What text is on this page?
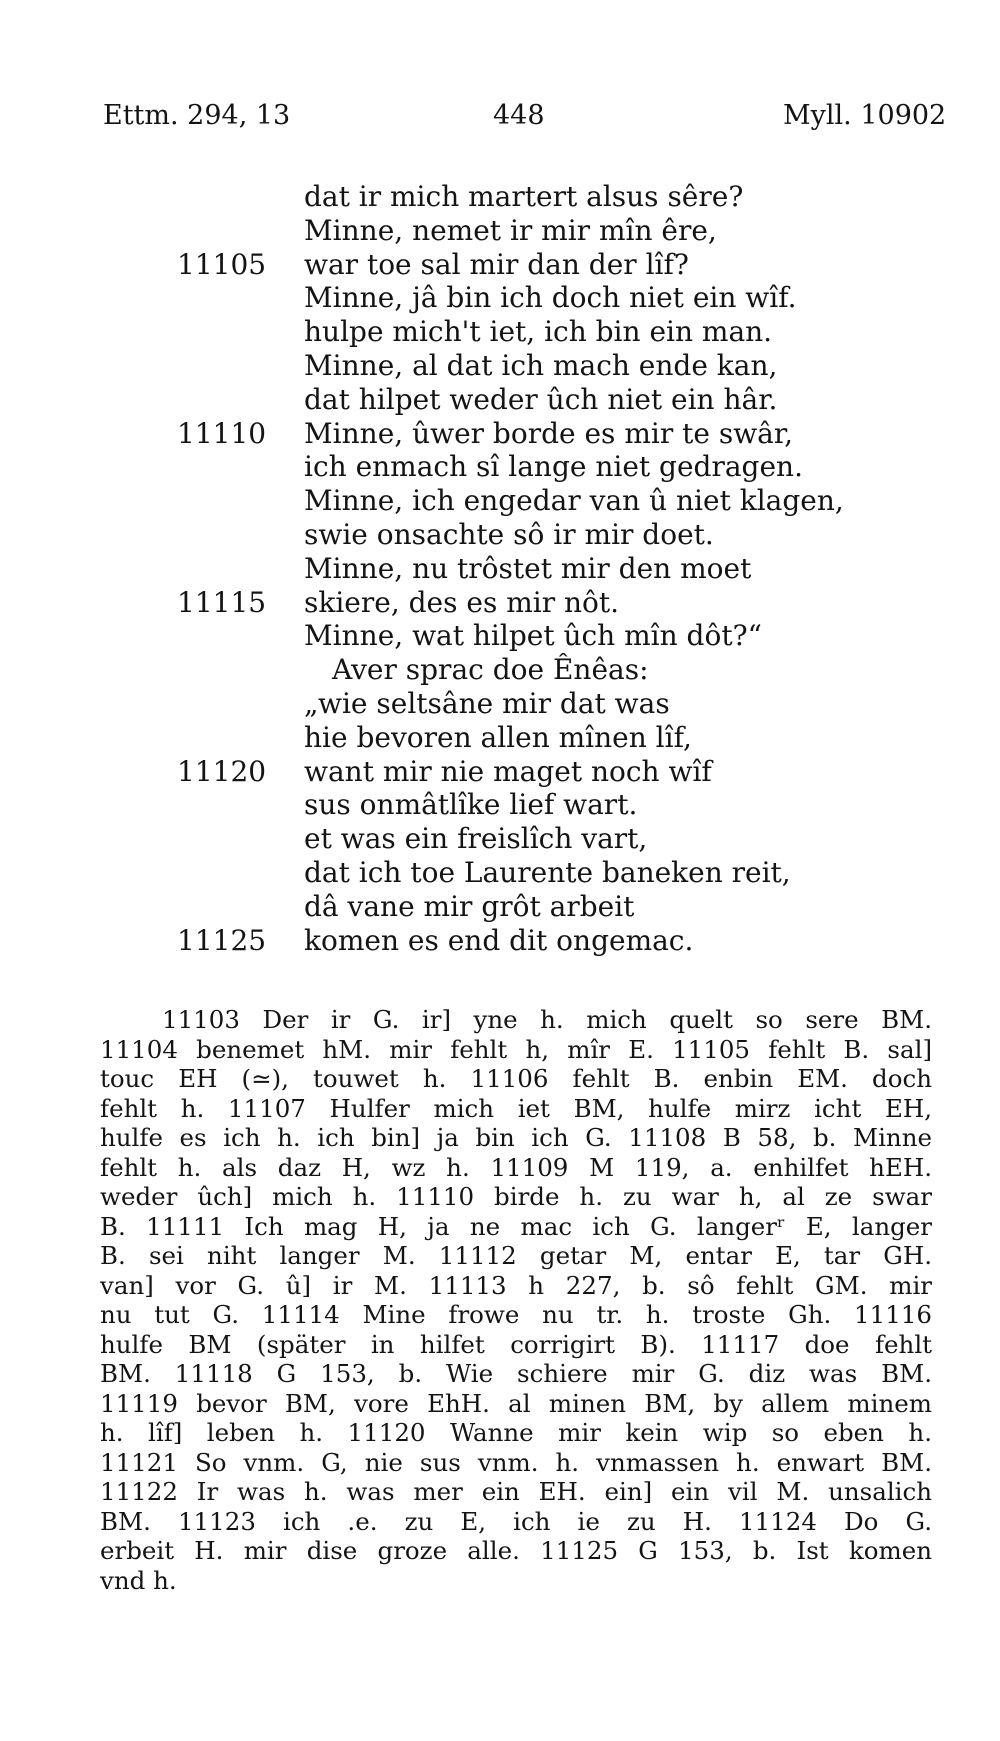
Ettm. 294, 13	448	Myll. 10902
dat ir mich martert alsus sêre?
Minne, nemet ir mir mîn êre,
11105	war toe sal mir dan der lîf?
Minne, jâ bin ich doch niet ein wîf.
hulpe mich't iet, ich bin ein man.
Minne, al dat ich mach ende kan,
dat hilpet weder ûch niet ein hâr.
11110	Minne, ûwer borde es mir te swâr,
ich enmach sî lange niet gedragen.
Minne, ich engedar van û niet klagen,
swie onsachte sô ir mir doet.
Minne, nu trôstet mir den moet
11115	skiere, des es mir nôt.
Minne, wat hilpet ûch mîn dôt?“
Aver sprac doe Ênêas:
„wie seltsâne mir dat was
hie bevoren allen mînen lîf,
11120	want mir nie maget noch wîf
sus onmâtlîke lief wart.
et was ein freislîch vart,
dat ich toe Laurente baneken reit,
dâ vane mir grôt arbeit
11125	komen es end dit ongemac.
11103 Der ir G. ir] yne h. mich quelt so sere BM.
11104 benemet hM. mir fehlt h, mîr E. 11105 fehlt B. sal]
touc EH (≃), touwet h. 11106 fehlt B. enbin EM. doch
fehlt h. 11107 Hulfer mich iet BM, hulfe mirz icht EH,
hulfe es ich h. ich bin] ja bin ich G. 11108 B 58, b. Minne
fehlt h. als daz H, wz h. 11109 M 119, a. enhilfet hEH.
weder ûch] mich h. 11110 birde h. zu war h, al ze swar
B. 11111 Ich mag H, ja ne mac ich G. langerʳ E, langer
B. sei niht langer M. 11112 getar M, entar E, tar GH.
van] vor G. û] ir M. 11113 h 227, b. sô fehlt GM. mir
nu tut G. 11114 Mine frowe nu tr. h. troste Gh. 11116
hulfe BM (später in hilfet corrigirt B). 11117 doe fehlt
BM. 11118 G 153, b. Wie schiere mir G. diz was BM.
11119 bevor BM, vore EhH. al minen BM, by allem minem
h. lîf] leben h. 11120 Wanne mir kein wip so eben h.
11121 So vnm. G, nie sus vnm. h. vnmassen h. enwart BM.
11122 Ir was h. was mer ein EH. ein] ein vil M. unsalich
BM. 11123 ich .e. zu E, ich ie zu H. 11124 Do G.
erbeit H. mir dise groze alle. 11125 G 153, b. Ist komen
vnd h.
